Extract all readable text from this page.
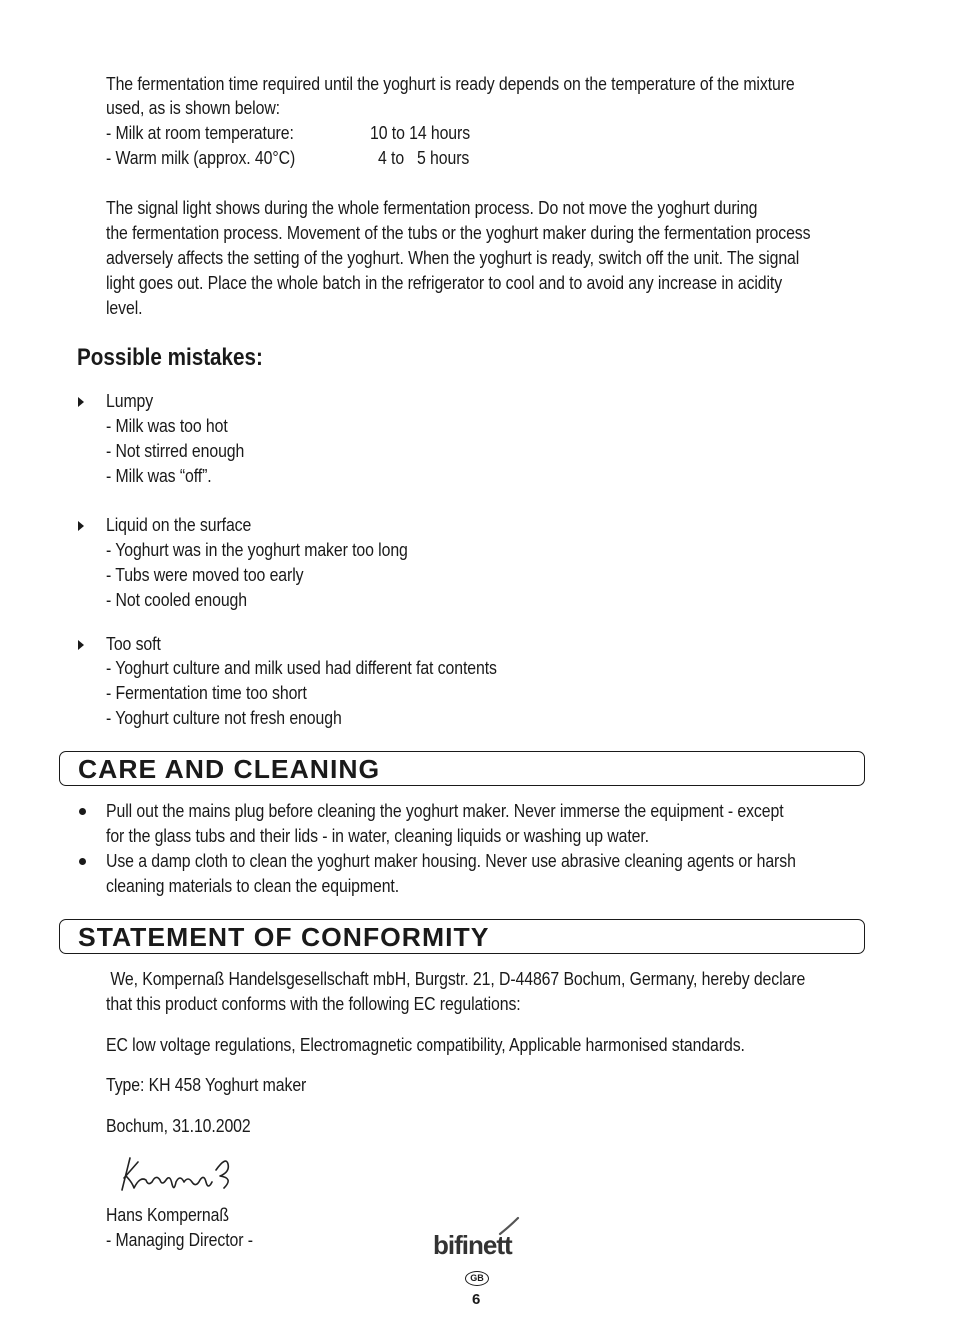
The fermentation time required until the yoghurt is ready depends on the temperature of the mixture
used, as is shown below:
- Milk at room temperature:	10 to 14 hours
- Warm milk (approx. 40°C)	4 to   5 hours
The signal light shows during the whole fermentation process. Do not move the yoghurt during
the fermentation process. Movement of the tubs or the yoghurt maker during the fermentation process
adversely affects the setting of the yoghurt. When the yoghurt is ready, switch off the unit. The signal
light goes out. Place the whole batch in the refrigerator to cool and to avoid any increase in acidity
level.
Possible mistakes:
Lumpy
- Milk was too hot
- Not stirred enough
- Milk was “off”.
Liquid on the surface
- Yoghurt was in the yoghurt maker too long
- Tubs were moved too early
- Not cooled enough
Too soft
- Yoghurt culture and milk used had different fat contents
- Fermentation time too short
- Yoghurt culture not fresh enough
CARE AND CLEANING
Pull out the mains plug before cleaning the yoghurt maker. Never immerse the equipment - except
for the glass tubs and their lids - in water, cleaning liquids or washing up water.
Use a damp cloth to clean the yoghurt maker housing. Never use abrasive cleaning agents or harsh
cleaning materials to clean the equipment.
STATEMENT OF CONFORMITY
We, Kompernaß Handelsgesellschaft mbH, Burgstr. 21, D-44867 Bochum, Germany, hereby declare
that this product conforms with the following EC regulations:
EC low voltage regulations, Electromagnetic compatibility, Applicable harmonised standards.
Type: KH 458 Yoghurt maker
Bochum, 31.10.2002
Hans Kompernaß
- Managing Director -	bifinett
GB
6
